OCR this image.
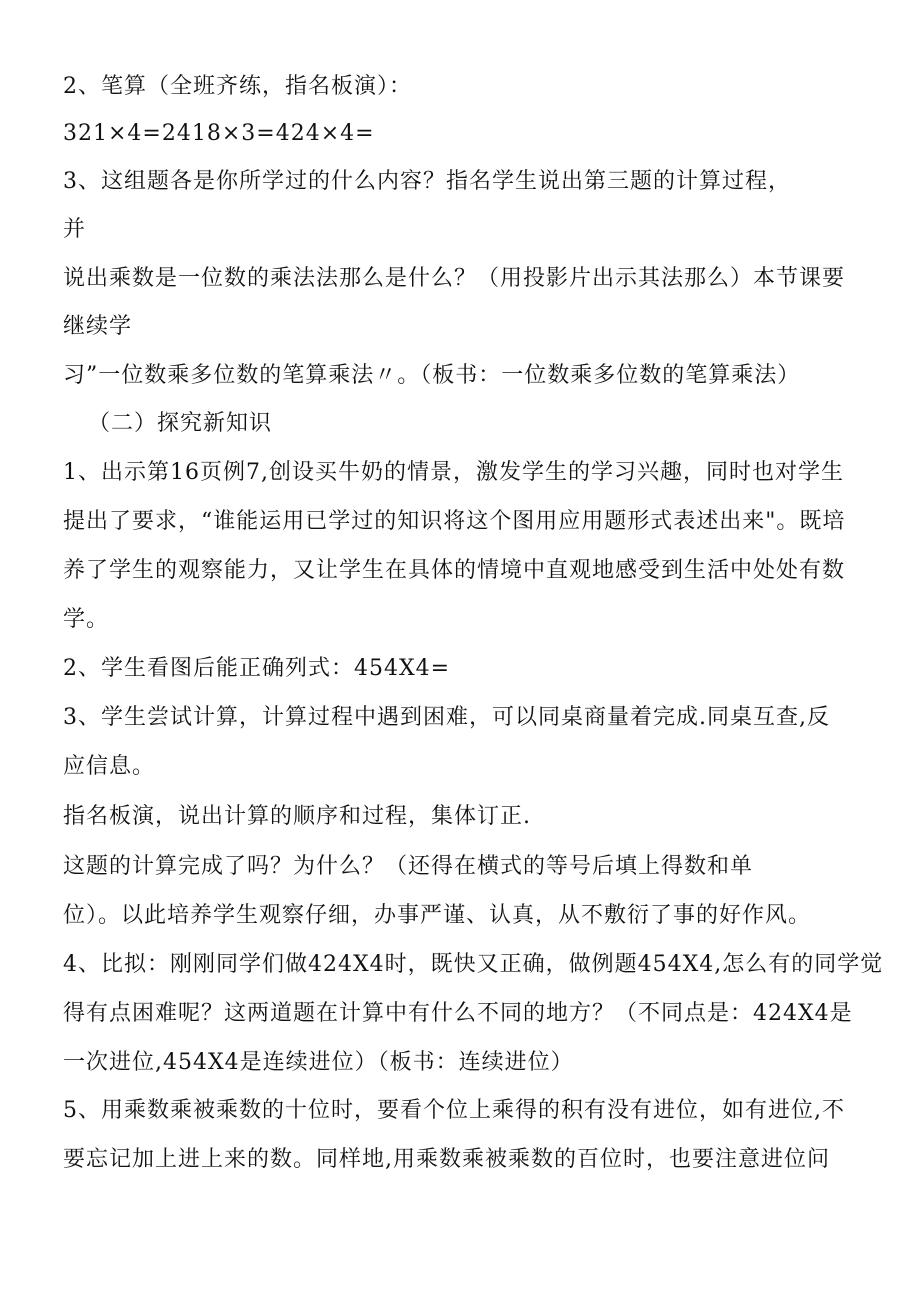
2、笔算（全班齐练，指名板演）：
321×4=2418×3=424×4=
3、这组题各是你所学过的什么内容？指名学生说出第三题的计算过程，
并
说出乘数是一位数的乘法法那么是什么？（用投影片出示其法那么）本节课要
继续学
习”一位数乘多位数的笔算乘法〃。（板书：一位数乘多位数的笔算乘法）
（二）探究新知识
1、出示第16页例7,创设买牛奶的情景，激发学生的学习兴趣，同时也对学生
提出了要求，“谁能运用已学过的知识将这个图用应用题形式表述出来"。既培
养了学生的观察能力，又让学生在具体的情境中直观地感受到生活中处处有数
学。
2、学生看图后能正确列式：454X4=
3、学生尝试计算，计算过程中遇到困难，可以同桌商量着完成.同桌互查,反
应信息。
指名板演，说出计算的顺序和过程，集体订正.
这题的计算完成了吗？为什么？（还得在横式的等号后填上得数和单
位）。以此培养学生观察仔细，办事严谨、认真，从不敷衍了事的好作风。
4、比拟：刚刚同学们做424X4时，既快又正确，做例题454X4,怎么有的同学觉
得有点困难呢？这两道题在计算中有什么不同的地方？（不同点是：424X4是
一次进位,454X4是连续进位）（板书：连续进位）
5、用乘数乘被乘数的十位时，要看个位上乘得的积有没有进位，如有进位,不
要忘记加上进上来的数。同样地,用乘数乘被乘数的百位时，也要注意进位问
